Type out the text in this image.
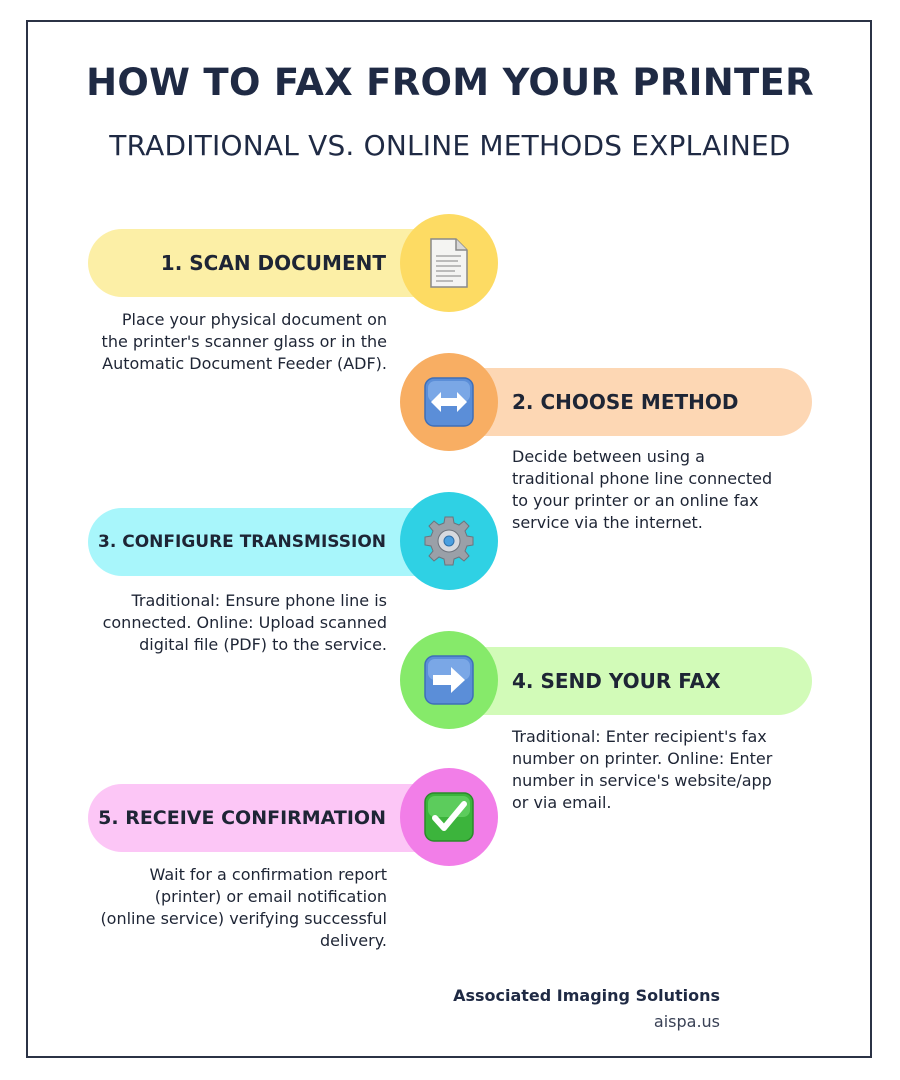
HOW TO FAX FROM YOUR PRINTER
TRADITIONAL VS. ONLINE METHODS EXPLAINED
1. SCAN DOCUMENT
Place your physical document on the printer's scanner glass or in the Automatic Document Feeder (ADF).
2. CHOOSE METHOD
Decide between using a traditional phone line connected to your printer or an online fax service via the internet.
3. CONFIGURE TRANSMISSION
Traditional: Ensure phone line is connected. Online: Upload scanned digital file (PDF) to the service.
4. SEND YOUR FAX
Traditional: Enter recipient's fax number on printer. Online: Enter number in service's website/app or via email.
5. RECEIVE CONFIRMATION
Wait for a confirmation report (printer) or email notification (online service) verifying successful delivery.
Associated Imaging Solutions
aispa.us
